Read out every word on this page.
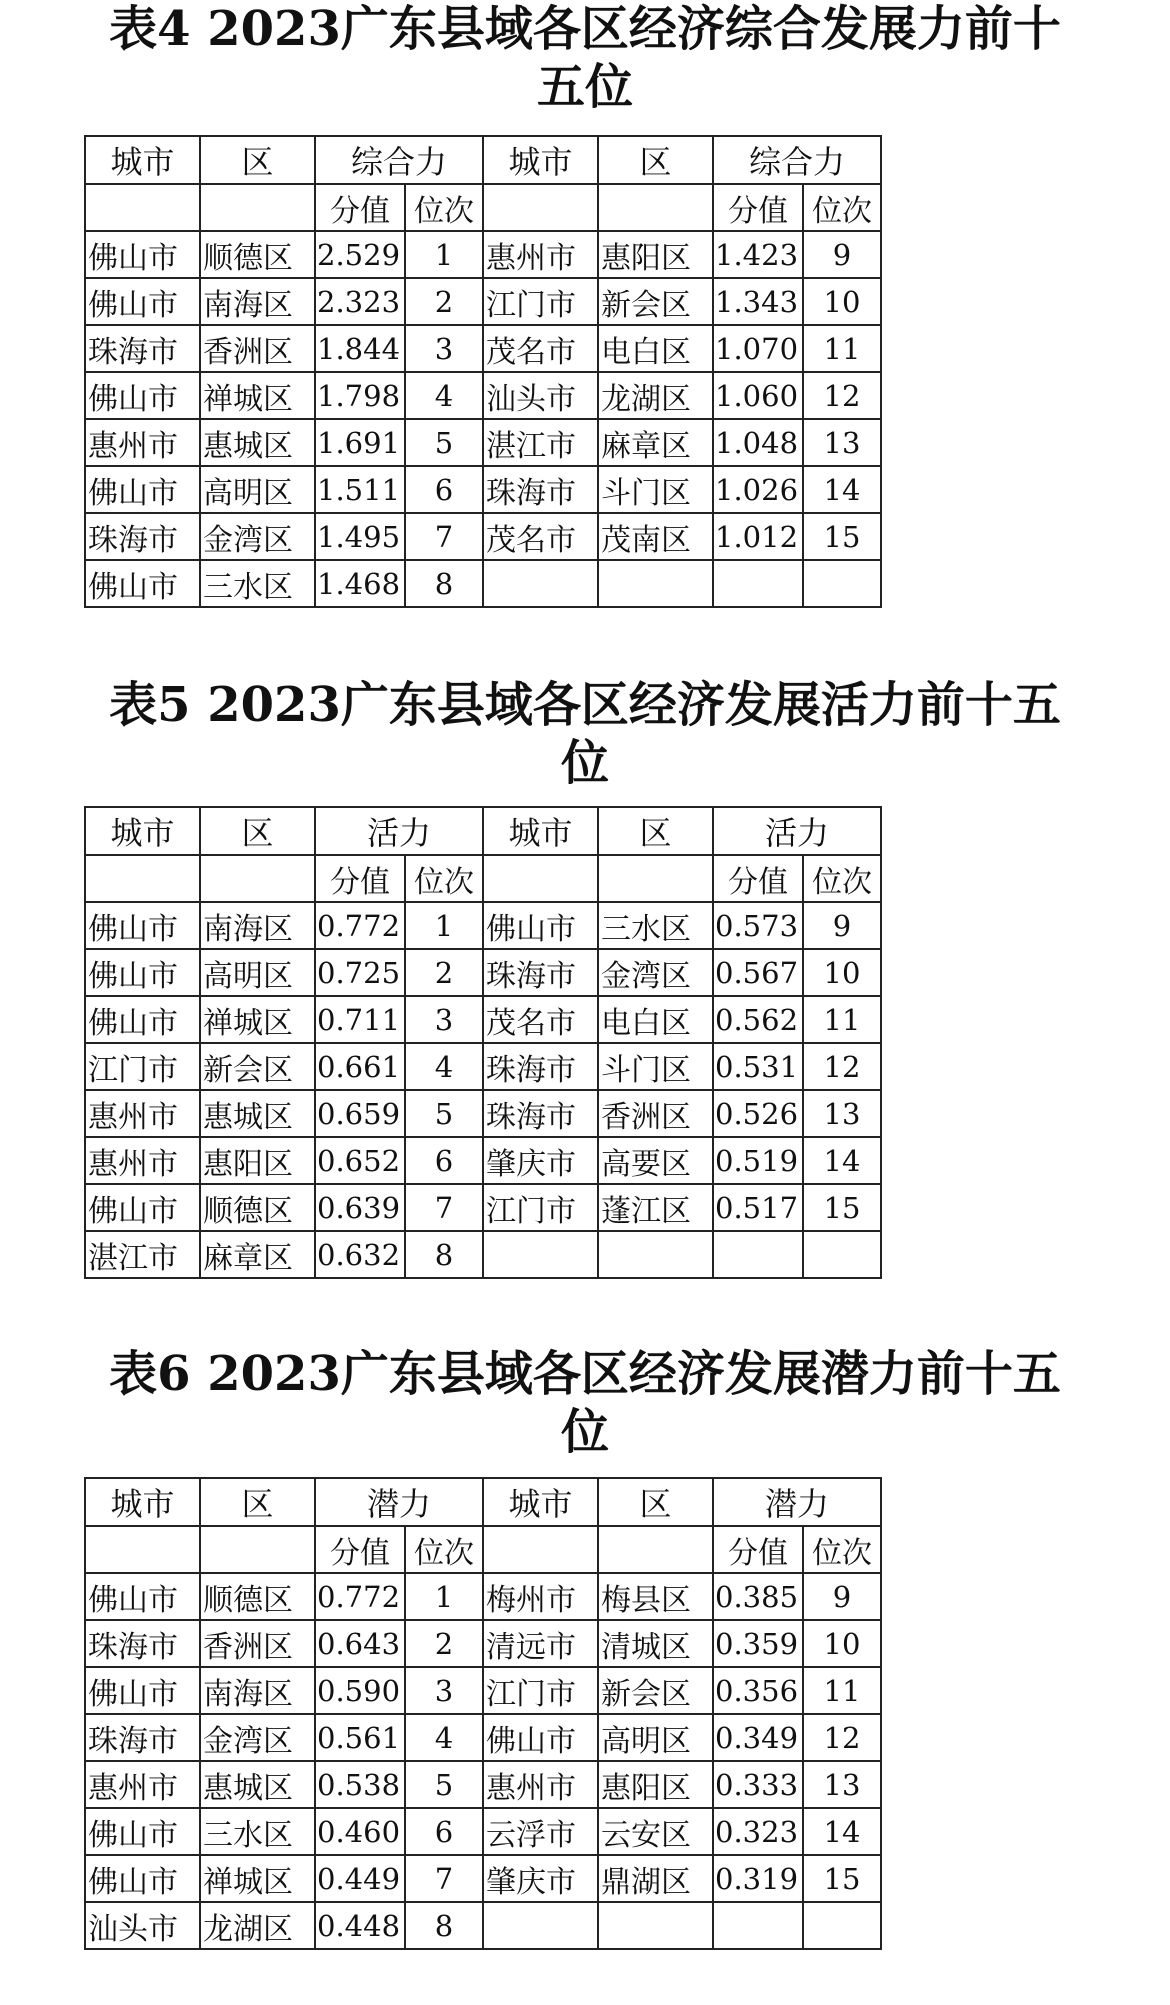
表4 2023广东县域各区经济综合发展力前十
五位
城市	区	综合力	城市	区	综合力
		分值	位次			分值	位次
佛山市	顺德区	2.529	1	惠州市	惠阳区	1.423	9
佛山市	南海区	2.323	2	江门市	新会区	1.343	10
珠海市	香洲区	1.844	3	茂名市	电白区	1.070	11
佛山市	禅城区	1.798	4	汕头市	龙湖区	1.060	12
惠州市	惠城区	1.691	5	湛江市	麻章区	1.048	13
佛山市	高明区	1.511	6	珠海市	斗门区	1.026	14
珠海市	金湾区	1.495	7	茂名市	茂南区	1.012	15
佛山市	三水区	1.468	8				
表5 2023广东县域各区经济发展活力前十五
位
城市	区	活力	城市	区	活力
		分值	位次			分值	位次
佛山市	南海区	0.772	1	佛山市	三水区	0.573	9
佛山市	高明区	0.725	2	珠海市	金湾区	0.567	10
佛山市	禅城区	0.711	3	茂名市	电白区	0.562	11
江门市	新会区	0.661	4	珠海市	斗门区	0.531	12
惠州市	惠城区	0.659	5	珠海市	香洲区	0.526	13
惠州市	惠阳区	0.652	6	肇庆市	高要区	0.519	14
佛山市	顺德区	0.639	7	江门市	蓬江区	0.517	15
湛江市	麻章区	0.632	8				
表6 2023广东县域各区经济发展潜力前十五
位
城市	区	潜力	城市	区	潜力
		分值	位次			分值	位次
佛山市	顺德区	0.772	1	梅州市	梅县区	0.385	9
珠海市	香洲区	0.643	2	清远市	清城区	0.359	10
佛山市	南海区	0.590	3	江门市	新会区	0.356	11
珠海市	金湾区	0.561	4	佛山市	高明区	0.349	12
惠州市	惠城区	0.538	5	惠州市	惠阳区	0.333	13
佛山市	三水区	0.460	6	云浮市	云安区	0.323	14
佛山市	禅城区	0.449	7	肇庆市	鼎湖区	0.319	15
汕头市	龙湖区	0.448	8				
